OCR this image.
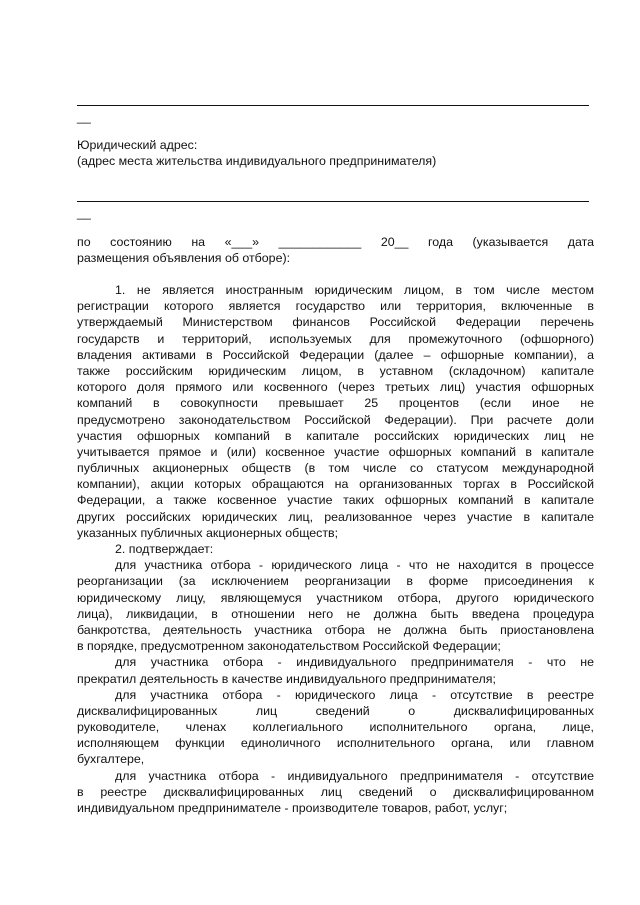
__
Юридический адрес:
(адрес места жительства индивидуального предпринимателя)
__
по состоянию на «___» ____________ 20__ года (указывается дата
размещения объявления об отборе):
1. не является иностранным юридическим лицом, в том числе местом
регистрации которого является государство или территория, включенные в
утверждаемый Министерством финансов Российской Федерации перечень
государств и территорий, используемых для промежуточного (офшорного)
владения активами в Российской Федерации (далее – офшорные компании), а
также российским юридическим лицом, в уставном (складочном) капитале
которого доля прямого или косвенного (через третьих лиц) участия офшорных
компаний в совокупности превышает 25 процентов (если иное не
предусмотрено законодательством Российской Федерации). При расчете доли
участия офшорных компаний в капитале российских юридических лиц не
учитывается прямое и (или) косвенное участие офшорных компаний в капитале
публичных акционерных обществ (в том числе со статусом международной
компании), акции которых обращаются на организованных торгах в Российской
Федерации, а также косвенное участие таких офшорных компаний в капитале
других российских юридических лиц, реализованное через участие в капитале
указанных публичных акционерных обществ;
2. подтверждает:
для участника отбора - юридического лица - что не находится в процессе
реорганизации (за исключением реорганизации в форме присоединения к
юридическому лицу, являющемуся участником отбора, другого юридического
лица), ликвидации, в отношении него не должна быть введена процедура
банкротства, деятельность участника отбора не должна быть приостановлена
в порядке, предусмотренном законодательством Российской Федерации;
для участника отбора - индивидуального предпринимателя - что не
прекратил деятельность в качестве индивидуального предпринимателя;
для участника отбора - юридического лица - отсутствие в реестре
дисквалифицированных лиц сведений о дисквалифицированных
руководителе, членах коллегиального исполнительного органа, лице,
исполняющем функции единоличного исполнительного органа, или главном
бухгалтере,
для участника отбора - индивидуального предпринимателя - отсутствие
в реестре дисквалифицированных лиц сведений о дисквалифицированном
индивидуальном предпринимателе - производителе товаров, работ, услуг;
